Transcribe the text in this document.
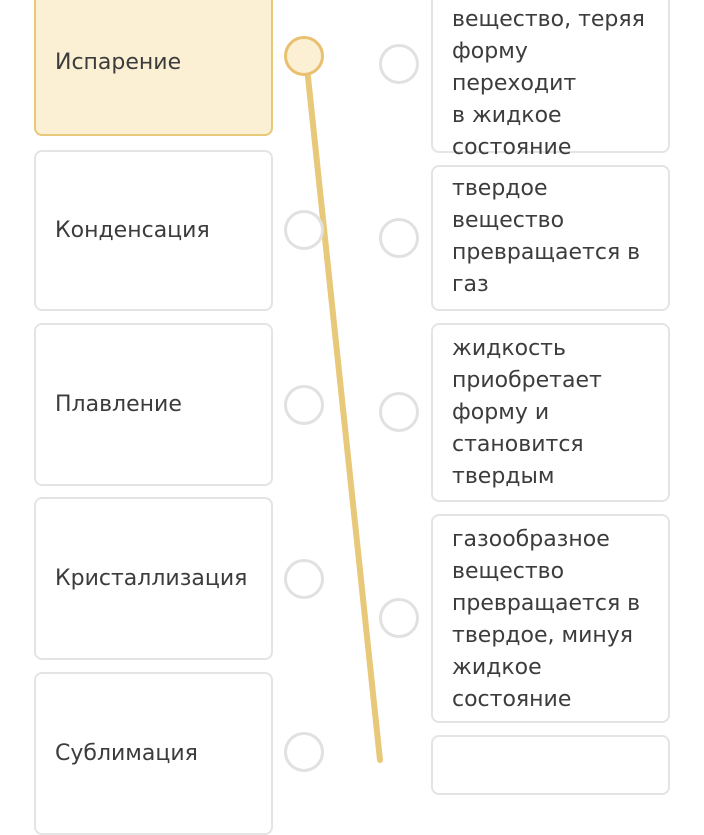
Испарение
Конденсация
Плавление
Кристаллизация
Сублимация

вещество, теряя
форму переходит
в жидкое
состояние
твердое
вещество
превращается в
газ
жидкость
приобретает
форму и
становится
твердым
газообразное
вещество
превращается в
твердое, минуя
жидкое
состояние
